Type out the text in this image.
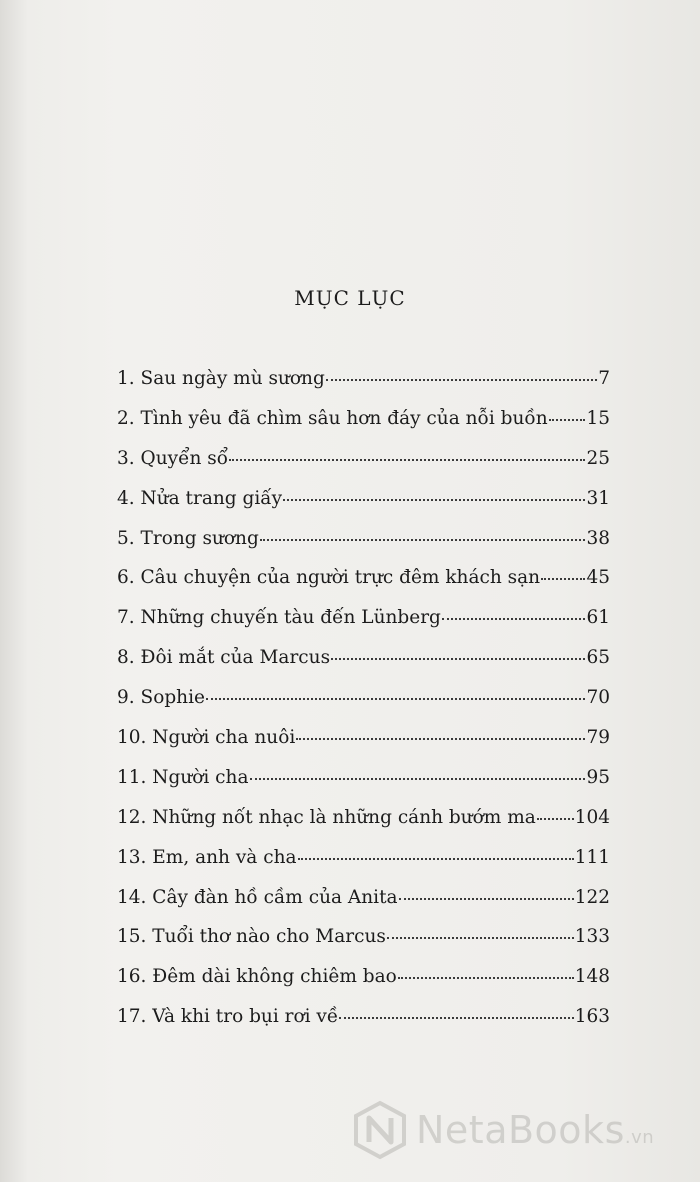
MỤC LỤC
1. Sau ngày mù sương	7
2. Tình yêu đã chìm sâu hơn đáy của nỗi buồn 15
3. Quyển sổ	25
4. Nửa trang giấy	31
5. Trong sương	38
6. Câu chuyện của người trực đêm khách sạn	45
7. Những chuyến tàu đến Lünberg	61
8. Đôi mắt của Marcus	65
9. Sophie	70
10. Người cha nuôi	79
11. Người cha	95
12. Những nốt nhạc là những cánh bướm ma 104
13. Em, anh và cha	111
14. Cây đàn hồ cầm của Anita	122
15. Tuổi thơ nào cho Marcus	133
16. Đêm dài không chiêm bao	148
17. Và khi tro bụi rơi về	163
NetaBooks.vn
